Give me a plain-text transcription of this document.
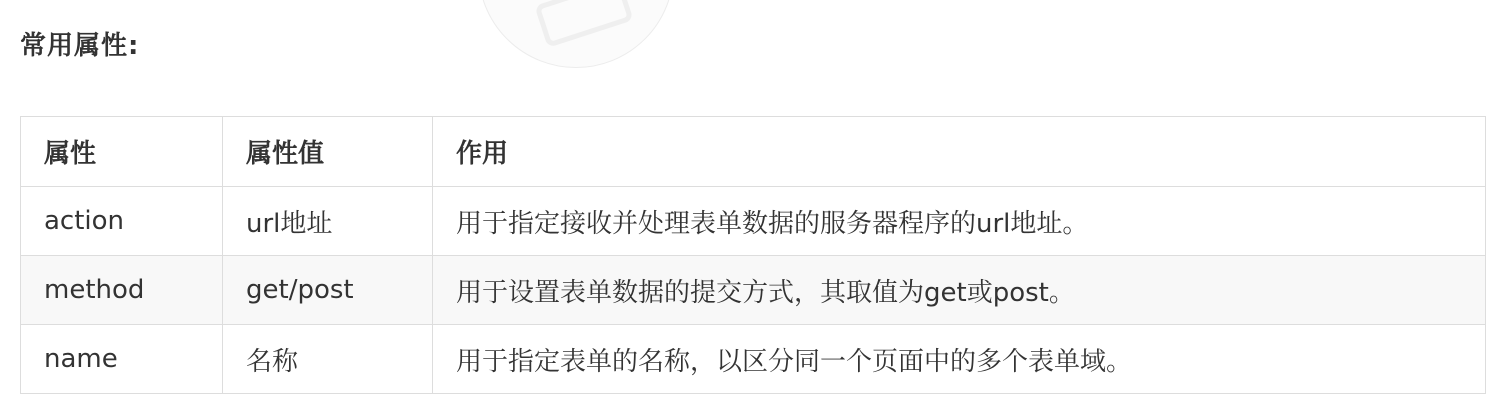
常用属性:
属性	属性值	作用
action	url地址	用于指定接收并处理表单数据的服务器程序的url地址。
method	get/post	用于设置表单数据的提交方式，其取值为get或post。
name	名称	用于指定表单的名称，以区分同一个页面中的多个表单域。
